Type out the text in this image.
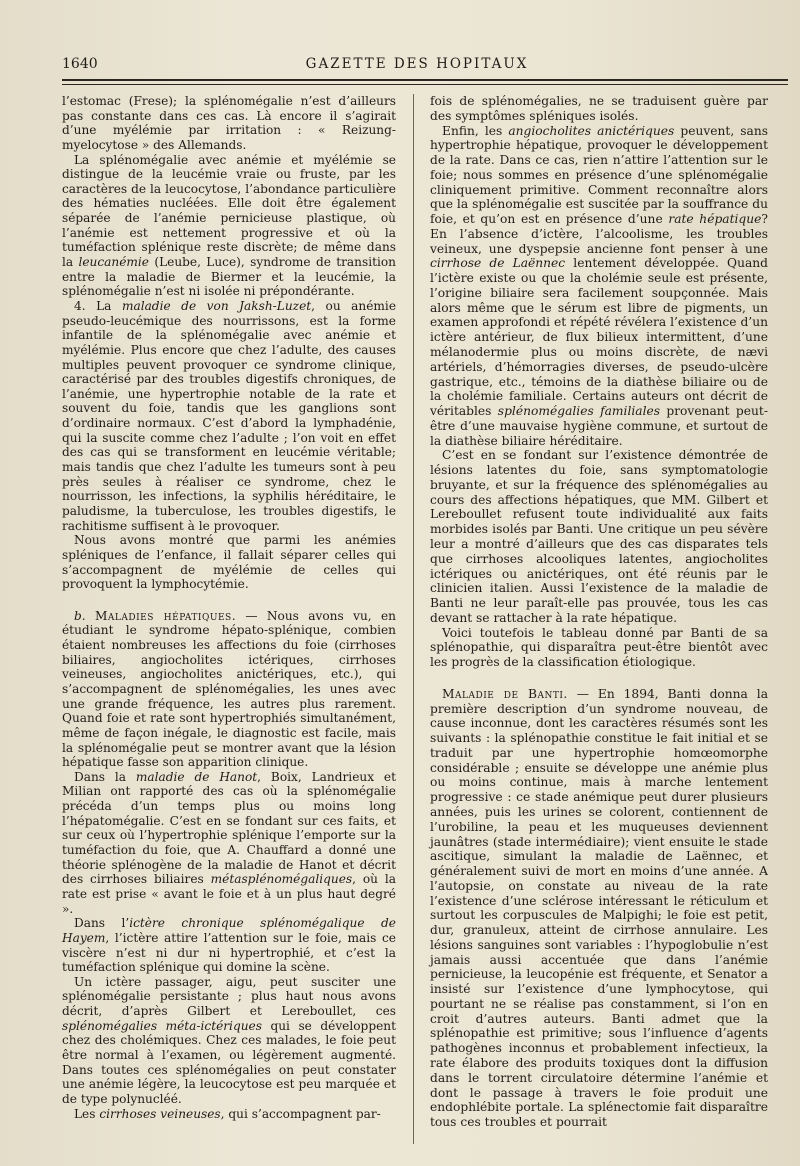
1640	GAZETTE DES HOPITAUX

l’estomac (Frese); la splénomégalie n’est d’ailleurs pas constante dans ces cas. Là encore il s’agirait d’une myélémie par irritation : « Reizung-myelocytose » des Allemands.

La splénomégalie avec anémie et myélémie se distingue de la leucémie vraie ou fruste, par les caractères de la leucocytose, l’abondance particulière des hématies nucléées. Elle doit être également séparée de l’anémie pernicieuse plastique, où l’anémie est nettement progressive et où la tuméfaction splénique reste discrète; de même dans la leucanémie (Leube, Luce), syndrome de transition entre la maladie de Biermer et la leucémie, la splénomégalie n’est ni isolée ni prépondérante.

4. La maladie de von Jaksh-Luzet, ou anémie pseudo-leucémique des nourrissons, est la forme infantile de la splénomégalie avec anémie et myélémie. Plus encore que chez l’adulte, des causes multiples peuvent provoquer ce syndrome clinique, caractérisé par des troubles digestifs chroniques, de l’anémie, une hypertrophie notable de la rate et souvent du foie, tandis que les ganglions sont d’ordinaire normaux. C’est d’abord la lymphadénie, qui la suscite comme chez l’adulte ; l’on voit en effet des cas qui se transforment en leucémie véritable; mais tandis que chez l’adulte les tumeurs sont à peu près seules à réaliser ce syndrome, chez le nourrisson, les infections, la syphilis héréditaire, le paludisme, la tuberculose, les troubles digestifs, le rachitisme suffisent à le provoquer.

Nous avons montré que parmi les anémies spléniques de l’enfance, il fallait séparer celles qui s’accompagnent de myélémie de celles qui provoquent la lymphocytémie.

b. Maladies hépatiques. — Nous avons vu, en étudiant le syndrome hépato-splénique, combien étaient nombreuses les affections du foie (cirrhoses biliaires, angiocholites ictériques, cirrhoses veineuses, angiocholites anictériques, etc.), qui s’accompagnent de splénomégalies, les unes avec une grande fréquence, les autres plus rarement. Quand foie et rate sont hypertrophiés simultanément, même de façon inégale, le diagnostic est facile, mais la splénomégalie peut se montrer avant que la lésion hépatique fasse son apparition clinique.

Dans la maladie de Hanot, Boix, Landrieux et Milian ont rapporté des cas où la splénomégalie précéda d’un temps plus ou moins long l’hépatomégalie. C’est en se fondant sur ces faits, et sur ceux où l’hypertrophie splénique l’emporte sur la tuméfaction du foie, que A. Chauffard a donné une théorie splénogène de la maladie de Hanot et décrit des cirrhoses biliaires métasplénomégaliques, où la rate est prise « avant le foie et à un plus haut degré ».

Dans l’ictère chronique splénomégalique de Hayem, l’ictère attire l’attention sur le foie, mais ce viscère n’est ni dur ni hypertrophié, et c’est la tuméfaction splénique qui domine la scène.

Un ictère passager, aigu, peut susciter une splénomégalie persistante ; plus haut nous avons décrit, d’après Gilbert et Lereboullet, ces splénomégalies méta-ictériques qui se développent chez des cholémiques. Chez ces malades, le foie peut être normal à l’examen, ou légèrement augmenté. Dans toutes ces splénomégalies on peut constater une anémie légère, la leucocytose est peu marquée et de type polynucléé.

Les cirrhoses veineuses, qui s’accompagnent par-

fois de splénomégalies, ne se traduisent guère par des symptômes spléniques isolés.

Enfin, les angiocholites anictériques peuvent, sans hypertrophie hépatique, provoquer le développement de la rate. Dans ce cas, rien n’attire l’attention sur le foie; nous sommes en présence d’une splénomégalie cliniquement primitive. Comment reconnaître alors que la splénomégalie est suscitée par la souffrance du foie, et qu’on est en présence d’une rate hépatique? En l’absence d’ictère, l’alcoolisme, les troubles veineux, une dyspepsie ancienne font penser à une cirrhose de Laënnec lentement développée. Quand l’ictère existe ou que la cholémie seule est présente, l’origine biliaire sera facilement soupçonnée. Mais alors même que le sérum est libre de pigments, un examen approfondi et répété révélera l’existence d’un ictère antérieur, de flux bilieux intermittent, d’une mélanodermie plus ou moins discrète, de nævi artériels, d’hémorragies diverses, de pseudo-ulcère gastrique, etc., témoins de la diathèse biliaire ou de la cholémie familiale. Certains auteurs ont décrit de véritables splénomégalies familiales provenant peut-être d’une mauvaise hygiène commune, et surtout de la diathèse biliaire héréditaire.

C’est en se fondant sur l’existence démontrée de lésions latentes du foie, sans symptomatologie bruyante, et sur la fréquence des splénomégalies au cours des affections hépatiques, que MM. Gilbert et Lereboullet refusent toute individualité aux faits morbides isolés par Banti. Une critique un peu sévère leur a montré d’ailleurs que des cas disparates tels que cirrhoses alcooliques latentes, angiocholites ictériques ou anictériques, ont été réunis par le clinicien italien. Aussi l’existence de la maladie de Banti ne leur paraît-elle pas prouvée, tous les cas devant se rattacher à la rate hépatique.

Voici toutefois le tableau donné par Banti de sa splénopathie, qui disparaîtra peut-être bientôt avec les progrès de la classification étiologique.

Maladie de Banti. — En 1894, Banti donna la première description d’un syndrome nouveau, de cause inconnue, dont les caractères résumés sont les suivants : la splénopathie constitue le fait initial et se traduit par une hypertrophie homœomorphe considérable ; ensuite se développe une anémie plus ou moins continue, mais à marche lentement progressive : ce stade anémique peut durer plusieurs années, puis les urines se colorent, contiennent de l’urobiline, la peau et les muqueuses deviennent jaunâtres (stade intermédiaire); vient ensuite le stade ascitique, simulant la maladie de Laënnec, et généralement suivi de mort en moins d’une année. A l’autopsie, on constate au niveau de la rate l’existence d’une sclérose intéressant le réticulum et surtout les corpuscules de Malpighi; le foie est petit, dur, granuleux, atteint de cirrhose annulaire. Les lésions sanguines sont variables : l’hypoglobulie n’est jamais aussi accentuée que dans l’anémie pernicieuse, la leucopénie est fréquente, et Senator a insisté sur l’existence d’une lymphocytose, qui pourtant ne se réalise pas constamment, si l’on en croit d’autres auteurs. Banti admet que la splénopathie est primitive; sous l’influence d’agents pathogènes inconnus et probablement infectieux, la rate élabore des produits toxiques dont la diffusion dans le torrent circulatoire détermine l’anémie et dont le passage à travers le foie produit une endophlébite portale. La splénectomie fait disparaître tous ces troubles et pourrait
